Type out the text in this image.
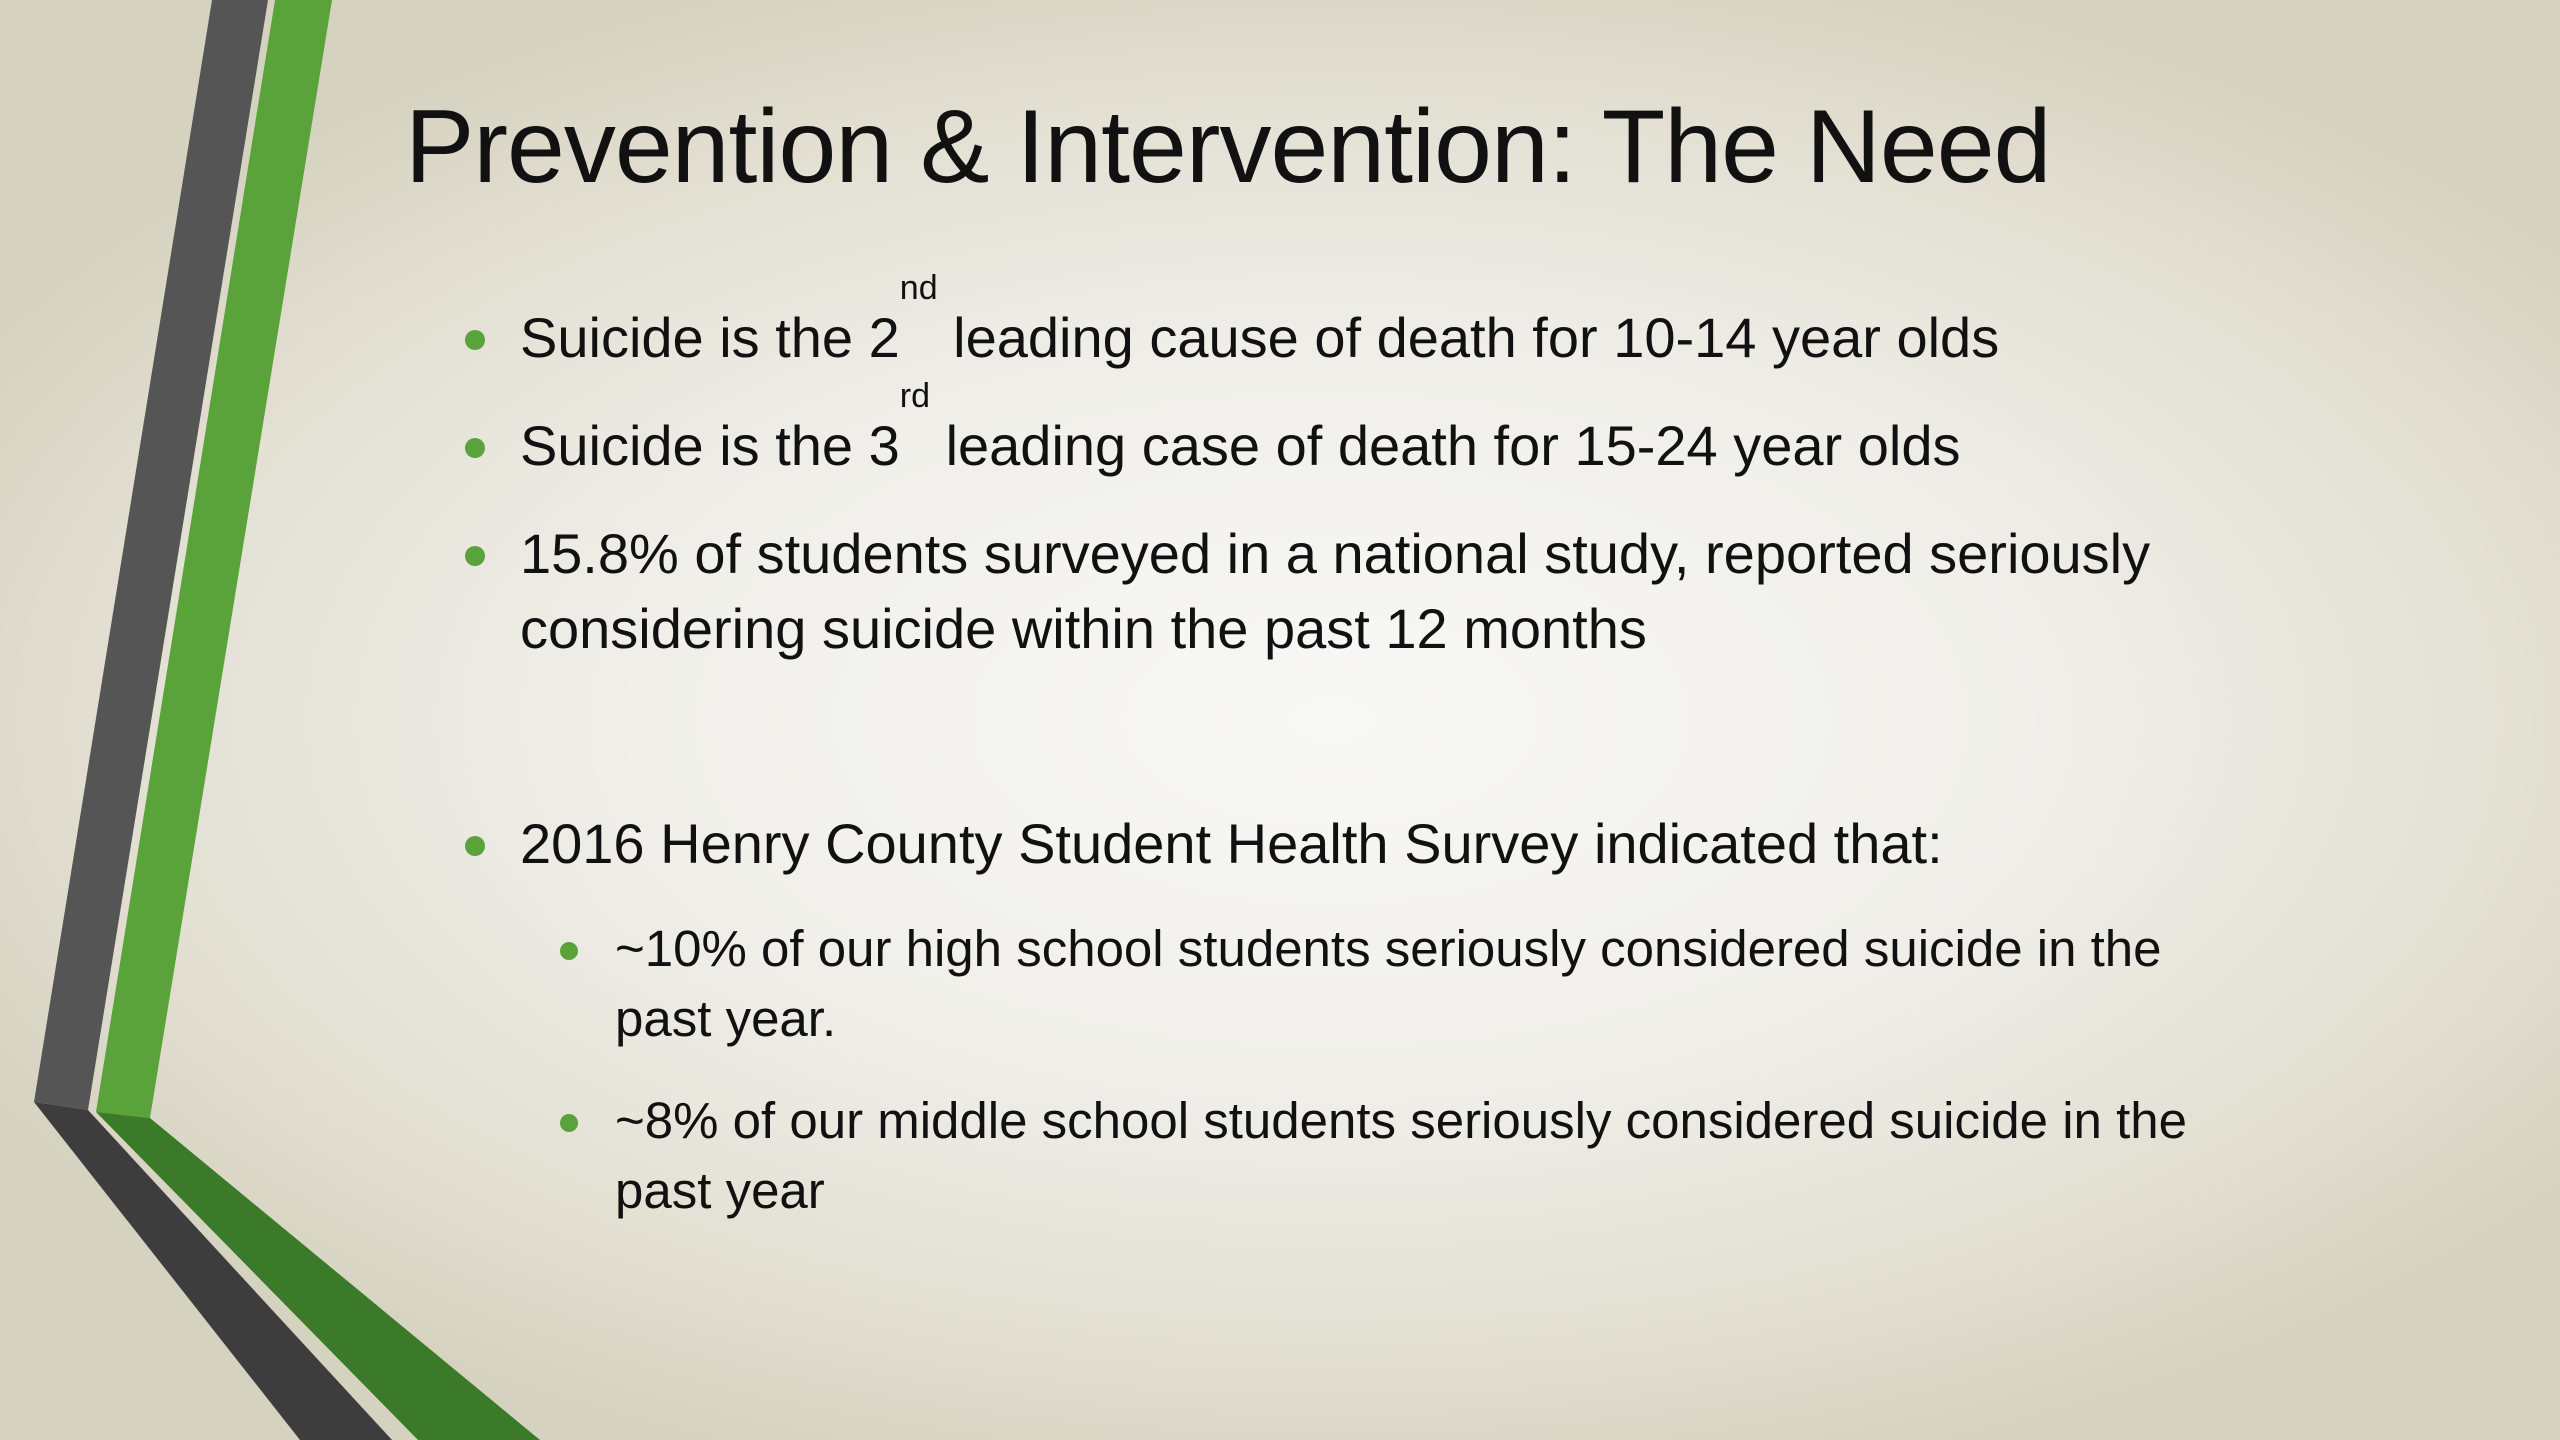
Prevention & Intervention: The Need
Suicide is the 2nd leading cause of death for 10-14 year olds
Suicide is the 3rd leading case of death for 15-24 year olds
15.8% of students surveyed in a national study, reported seriously considering suicide within the past 12 months
2016 Henry County Student Health Survey indicated that:
~10% of our high school students seriously considered suicide in the past year.
~8% of our middle school students seriously considered suicide in the past year
